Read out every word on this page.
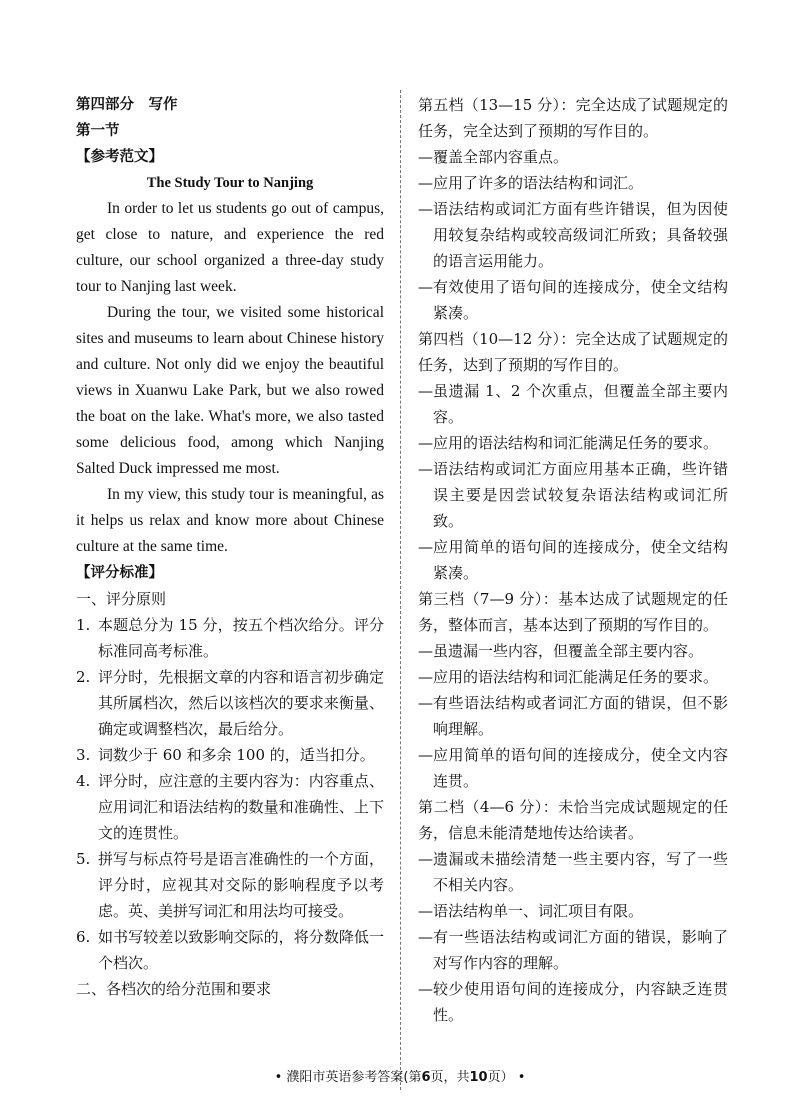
第四部分　写作
第一节
【参考范文】
The Study Tour to Nanjing

In order to let us students go out of campus, get close to nature, and experience the red culture, our school organized a three-day study tour to Nanjing last week.

During the tour, we visited some historical sites and museums to learn about Chinese history and culture. Not only did we enjoy the beautiful views in Xuanwu Lake Park, but we also rowed the boat on the lake. What's more, we also tasted some delicious food, among which Nanjing Salted Duck impressed me most.

In my view, this study tour is meaningful, as it helps us relax and know more about Chinese culture at the same time.

【评分标准】
一、评分原则
1. 本题总分为 15 分，按五个档次给分。评分标准同高考标准。
2. 评分时，先根据文章的内容和语言初步确定其所属档次，然后以该档次的要求来衡量、确定或调整档次，最后给分。
3. 词数少于 60 和多余 100 的，适当扣分。
4. 评分时，应注意的主要内容为：内容重点、应用词汇和语法结构的数量和准确性、上下文的连贯性。
5. 拼写与标点符号是语言准确性的一个方面，评分时，应视其对交际的影响程度予以考虑。英、美拼写词汇和用法均可接受。
6. 如书写较差以致影响交际的，将分数降低一个档次。
二、各档次的给分范围和要求

第五档（13—15 分）：完全达成了试题规定的任务，完全达到了预期的写作目的。

— 覆盖全部内容重点。
— 应用了许多的语法结构和词汇。
— 语法结构或词汇方面有些许错误，但为因使用较复杂结构或较高级词汇所致；具备较强的语言运用能力。
— 有效使用了语句间的连接成分，使全文结构紧凑。

第四档（10—12 分）：完全达成了试题规定的任务，达到了预期的写作目的。

— 虽遗漏 1、2 个次重点，但覆盖全部主要内容。
— 应用的语法结构和词汇能满足任务的要求。
— 语法结构或词汇方面应用基本正确，些许错误主要是因尝试较复杂语法结构或词汇所致。
— 应用简单的语句间的连接成分，使全文结构紧凑。

第三档（7—9 分）：基本达成了试题规定的任务，整体而言，基本达到了预期的写作目的。

— 虽遗漏一些内容，但覆盖全部主要内容。
— 应用的语法结构和词汇能满足任务的要求。
— 有些语法结构或者词汇方面的错误，但不影响理解。
— 应用简单的语句间的连接成分，使全文内容连贯。

第二档（4—6 分）：未恰当完成试题规定的任务，信息未能清楚地传达给读者。

— 遗漏或未描绘清楚一些主要内容，写了一些不相关内容。
— 语法结构单一、词汇项目有限。
— 有一些语法结构或词汇方面的错误，影响了对写作内容的理解。
— 较少使用语句间的连接成分，内容缺乏连贯性。
• 濮阳市英语参考答案(第6页，共10页） •
